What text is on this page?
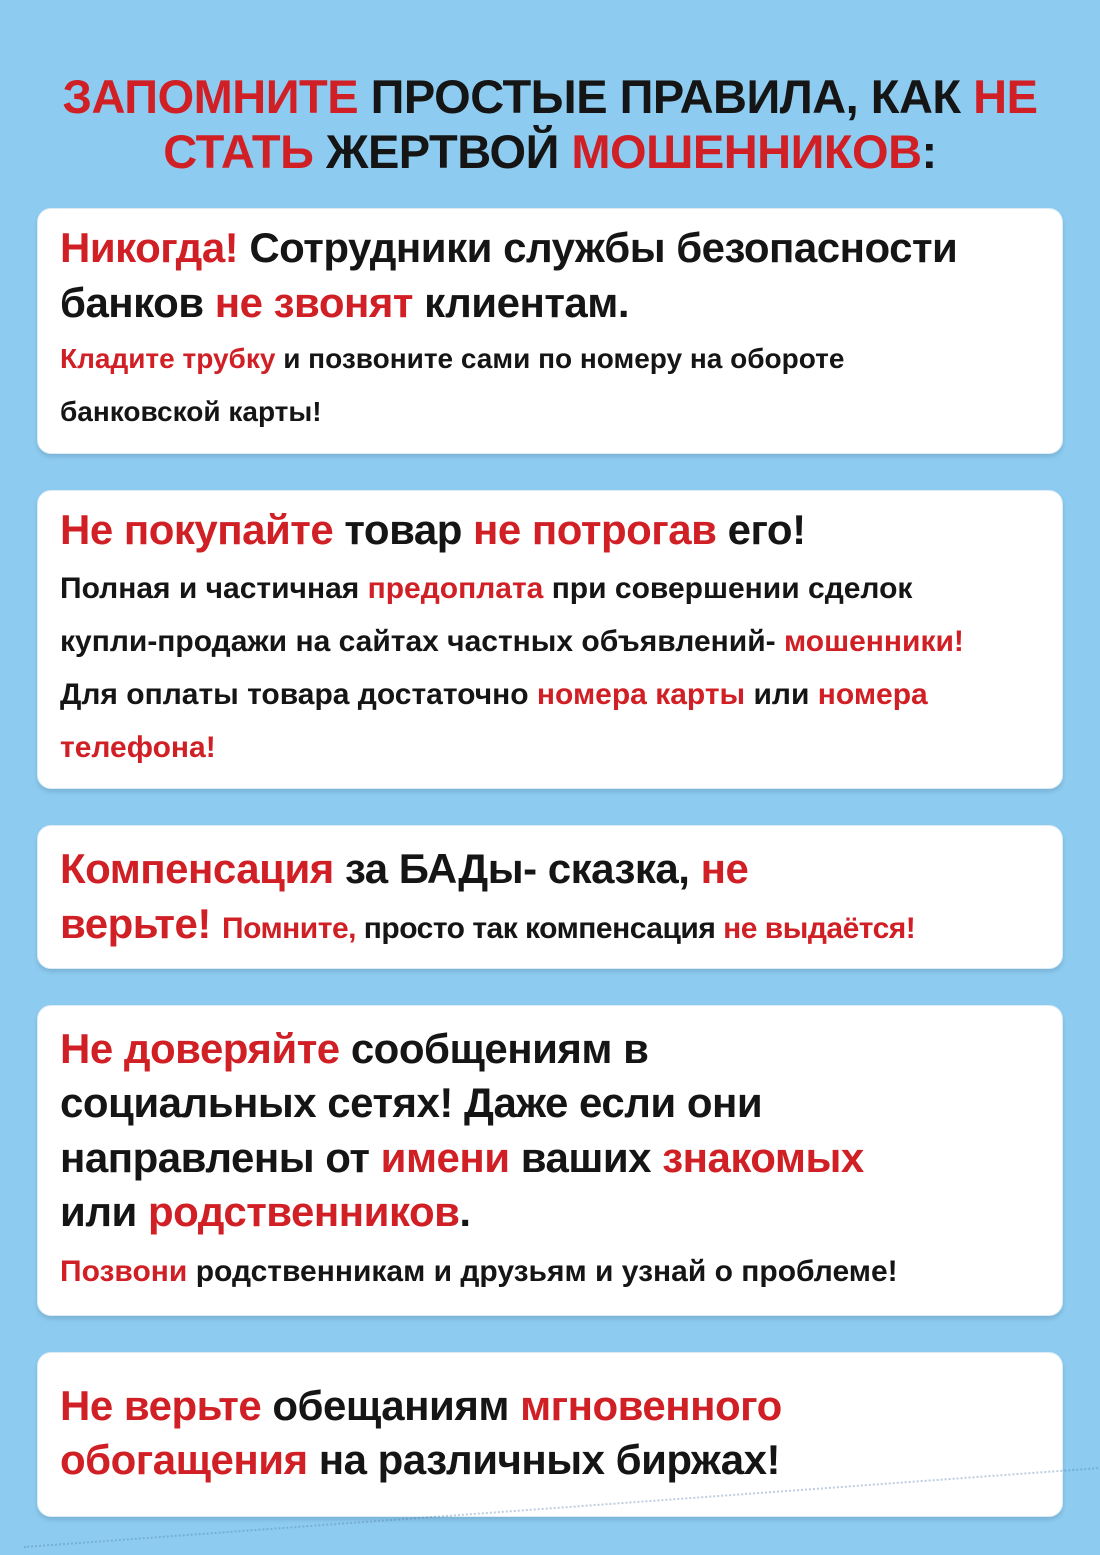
ЗАПОМНИТЕ ПРОСТЫЕ ПРАВИЛА, КАК НЕ
СТАТЬ ЖЕРТВОЙ МОШЕННИКОВ:

Никогда! Сотрудники службы безопасности
банков не звонят клиентам.

Кладите трубку и позвоните сами по номеру на обороте
банковской карты!

Не покупайте товар не потрогав его!

Полная и частичная предоплата при совершении сделок
купли-продажи на сайтах частных объявлений- мошенники!
Для оплаты товара достаточно номера карты или номера
телефона!

Компенсация за БАДы- сказка, не
верьте! Помните, просто так компенсация не выдаётся!

Не доверяйте сообщениям в
социальных сетях! Даже если они
направлены от имени ваших знакомых
или родственников.

Позвони родственникам и друзьям и узнай о проблеме!

Не верьте обещаниям мгновенного
обогащения на различных биржах!
